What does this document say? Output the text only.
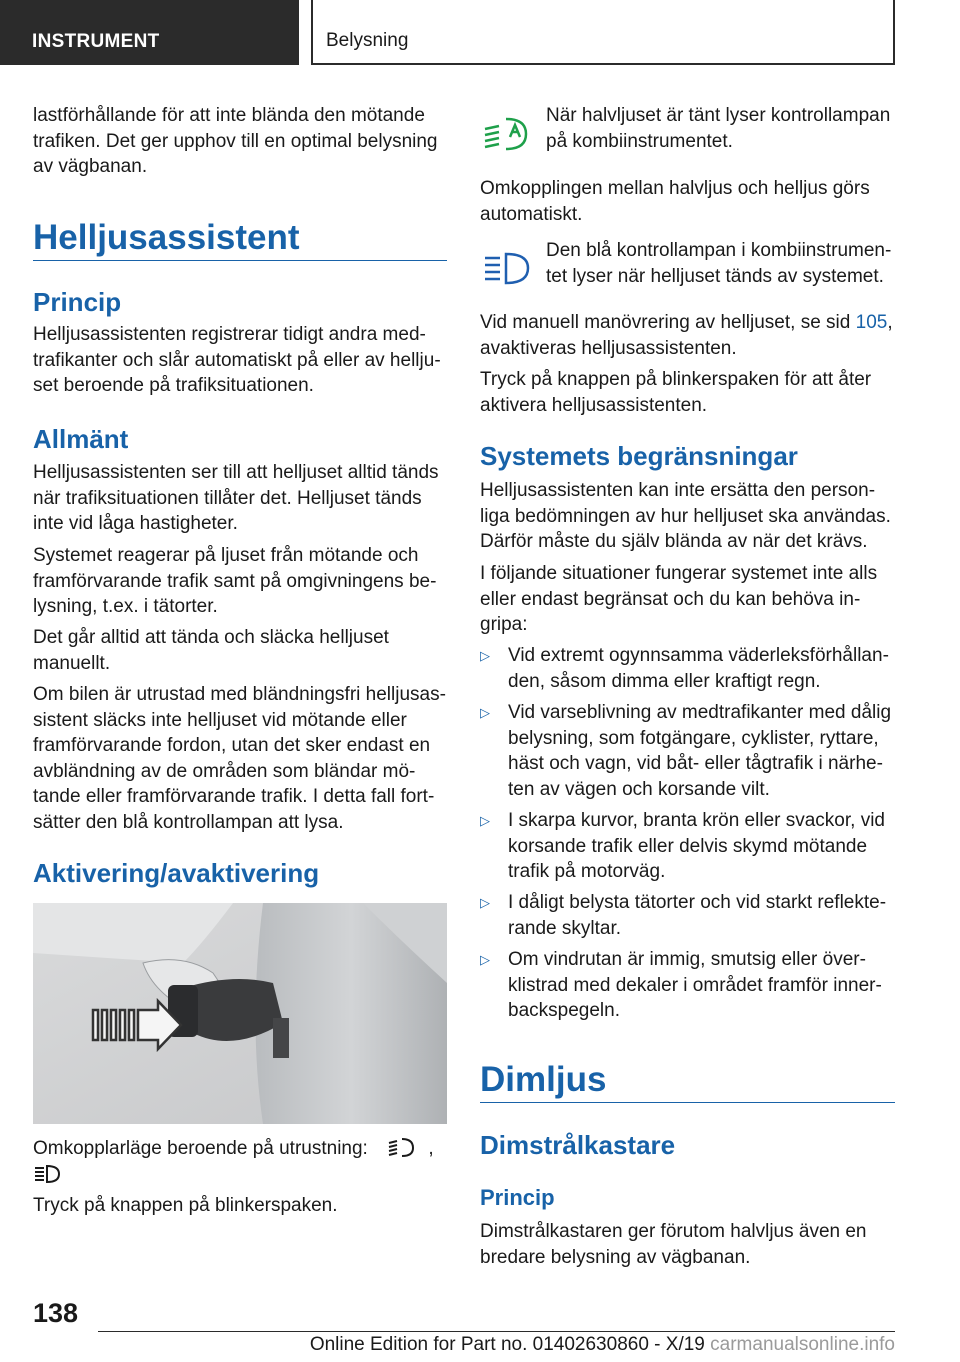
INSTRUMENT	Belysning

lastförhållande för att inte blända den mötande trafiken. Det ger upphov till en optimal belysning av vägbanan.

Helljusassistent
Princip

Helljusassistenten registrerar tidigt andra medtrafikanter och slår automatiskt på eller av helljuset beroende på trafiksituationen.

Allmänt

Helljusassistenten ser till att helljuset alltid tänds när trafiksituationen tillåter det. Helljuset tänds inte vid låga hastigheter.

Systemet reagerar på ljuset från mötande och framförvarande trafik samt på omgivningens belysning, t.ex. i tätorter.

Det går alltid att tända och släcka helljuset manuellt.

Om bilen är utrustad med bländningsfri helljusassistent släcks inte helljuset vid mötande eller framförvarande fordon, utan det sker endast en avbländning av de områden som bländar mötande eller framförvarande trafik. I detta fall fortsätter den blå kontrollampan att lysa.

Aktivering/avaktivering

Omkopplarläge beroende på utrustning:	,

Tryck på knappen på blinkerspaken.

När halvljuset är tänt lyser kontrollampan på kombiinstrumentet.

Omkopplingen mellan halvljus och helljus görs automatiskt.

Den blå kontrollampan i kombiinstrumentet lyser när helljuset tänds av systemet.

Vid manuell manövrering av helljuset, se sid 105, avaktiveras helljusassistenten.

Tryck på knappen på blinkerspaken för att åter aktivera helljusassistenten.

Systemets begränsningar

Helljusassistenten kan inte ersätta den personliga bedömningen av hur helljuset ska användas. Därför måste du själv blända av när det krävs.

I följande situationer fungerar systemet inte alls eller endast begränsat och du kan behöva ingripa:

▷ Vid extremt ogynnsamma väderleksförhållanden, såsom dimma eller kraftigt regn.

▷ Vid varseblivning av medtrafikanter med dålig belysning, som fotgängare, cyklister, ryttare, häst och vagn, vid båt- eller tågtrafik i närheten av vägen och korsande vilt.

▷ I skarpa kurvor, branta krön eller svackor, vid korsande trafik eller delvis skymd mötande trafik på motorväg.

▷ I dåligt belysta tätorter och vid starkt reflekterande skyltar.

▷ Om vindrutan är immig, smutsig eller överklistrad med dekaler i området framför innerbackspegeln.

Dimljus
Dimstrålkastare
Princip

Dimstrålkastaren ger förutom halvljus även en bredare belysning av vägbanan.

138
Online Edition for Part no. 01402630860 - X/19 carmanualsonline.info
